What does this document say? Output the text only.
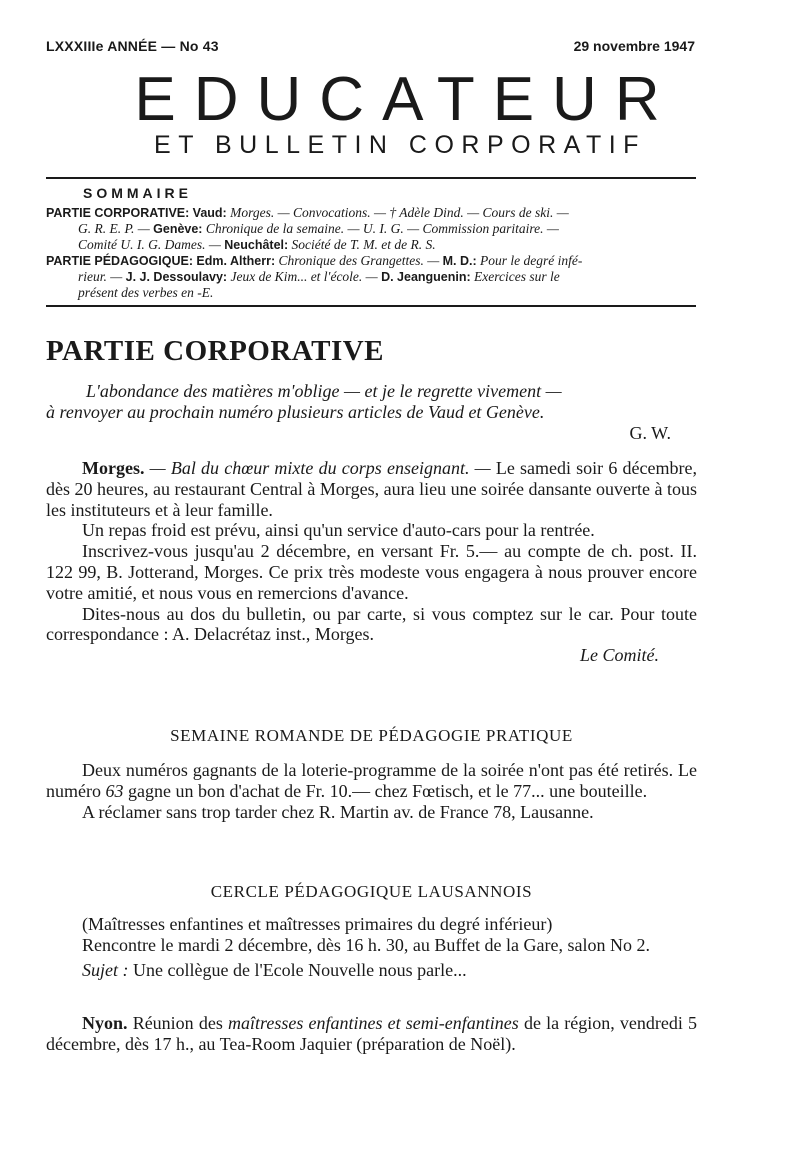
LXXXIIIe ANNÉE — No 43	29 novembre 1947
EDUCATEUR
ET BULLETIN CORPORATIF
SOMMAIRE
PARTIE CORPORATIVE: Vaud: Morges. — Convocations. — † Adèle Dind. — Cours de ski. —
G. R. E. P. — Genève: Chronique de la semaine. — U. I. G. — Commission paritaire. —
Comité U. I. G. Dames. — Neuchâtel: Société de T. M. et de R. S.
PARTIE PÉDAGOGIQUE: Edm. Altherr: Chronique des Grangettes. — M. D.: Pour le degré infé-
rieur. — J. J. Dessoulavy: Jeux de Kim... et l'école. — D. Jeanguenin: Exercices sur le
présent des verbes en -E.
PARTIE CORPORATIVE
L'abondance des matières m'oblige — et je le regrette vivement —
à renvoyer au prochain numéro plusieurs articles de Vaud et Genève.
G. W.

Morges. — Bal du chœur mixte du corps enseignant. — Le samedi soir 6 décembre, dès 20 heures, au restaurant Central à Morges, aura lieu une soirée dansante ouverte à tous les instituteurs et à leur famille.

Un repas froid est prévu, ainsi qu'un service d'auto-cars pour la rentrée.

Inscrivez-vous jusqu'au 2 décembre, en versant Fr. 5.— au compte de ch. post. II. 122 99, B. Jotterand, Morges. Ce prix très modeste vous engagera à nous prouver encore votre amitié, et nous vous en remercions d'avance.

Dites-nous au dos du bulletin, ou par carte, si vous comptez sur le car. Pour toute correspondance : A. Delacrétaz inst., Morges.

Le Comité.

SEMAINE ROMANDE DE PÉDAGOGIE PRATIQUE

Deux numéros gagnants de la loterie-programme de la soirée n'ont pas été retirés. Le numéro 63 gagne un bon d'achat de Fr. 10.— chez Fœtisch, et le 77... une bouteille.

A réclamer sans trop tarder chez R. Martin av. de France 78, Lausanne.

CERCLE PÉDAGOGIQUE LAUSANNOIS

(Maîtresses enfantines et maîtresses primaires du degré inférieur)

Rencontre le mardi 2 décembre, dès 16 h. 30, au Buffet de la Gare, salon No 2.

Sujet : Une collègue de l'Ecole Nouvelle nous parle...

Nyon. Réunion des maîtresses enfantines et semi-enfantines de la région, vendredi 5 décembre, dès 17 h., au Tea-Room Jaquier (préparation de Noël).
